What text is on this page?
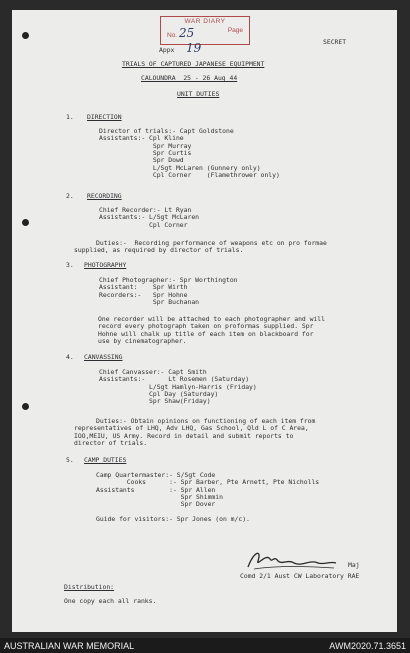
WAR DIARY
No. 25	Page
Appx 19	SECRET
TRIALS OF CAPTURED JAPANESE EQUIPMENT
CALOUNDRA  25 - 26 Aug 44
UNIT DUTIES
1. DIRECTION
Director of trials:- Capt Goldstone
Assistants:- Cpl Kline
Spr Murray
Spr Curtis
Spr Dowd
L/Sgt McLaren (Gunnery only)
Cpl Corner    (Flamethrower only)
2. RECORDING
Chief Recorder:- Lt Ryan
Assistants:- L/Sgt McLaren
Cpl Corner
Duties:-  Recording performance of weapons etc on pro formae
supplied, as required by director of trials.
3. PHOTOGRAPHY
Chief Photographer:- Spr Worthington
Assistant:    Spr Wirth
Recorders:-   Spr Hohne
Spr Buchanan
One recorder will be attached to each photographer and will
record every photograph taken on proformas supplied. Spr
Hohne will chalk up title of each item on blackboard for
use by cinematographer.
4. CANVASSING
Chief Canvasser:- Capt Smith
Assistants:-      Lt Rosemen (Saturday)
L/Sgt Hamlyn-Harris (Friday)
Cpl Day (Saturday)
Spr Shaw(Friday)
Duties:- Obtain opinions on functioning of each item from
representatives of LHQ, Adv LHQ, Gas School, Qld L of C Area,
IOO,MEIU, US Army. Record in detail and submit reports to
director of trials.
5. CAMP DUTIES
Camp Quartermaster:- S/Sgt Code
Cooks      :- Spr Barber, Pte Arnett, Pte Nicholls
Assistants         :- Spr Allen
Spr Shimmin
Spr Dover

Guide for visitors:- Spr Jones (on m/c).
Maj
Comd 2/1 Aust CW Laboratory RAE
Distribution:
One copy each all ranks.
AUSTRALIAN WAR MEMORIAL	AWM2020.71.3651
